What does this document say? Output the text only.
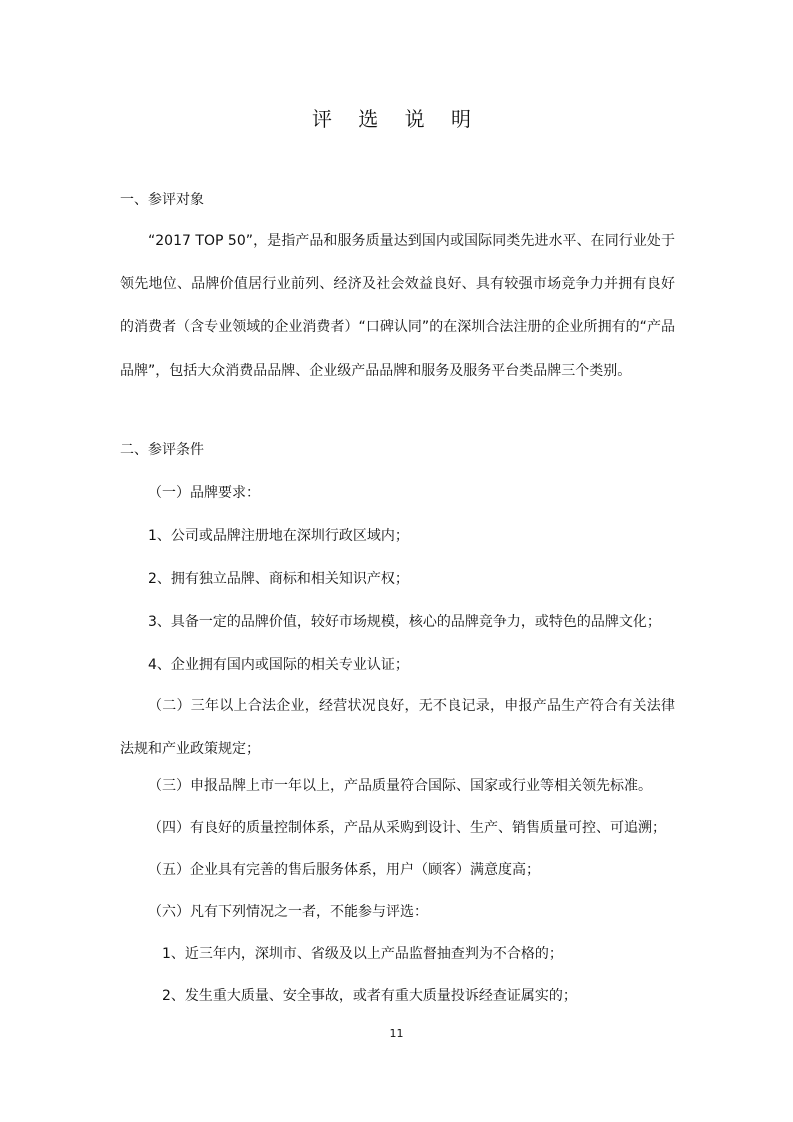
评 选 说 明
一、参评对象
“2017 TOP 50”，是指产品和服务质量达到国内或国际同类先进水平、在同行业处于领先地位、品牌价值居行业前列、经济及社会效益良好、具有较强市场竞争力并拥有良好的消费者（含专业领域的企业消费者）“口碑认同”的在深圳合法注册的企业所拥有的“产品品牌”，包括大众消费品品牌、企业级产品品牌和服务及服务平台类品牌三个类别。
二、参评条件
（一）品牌要求：
1、公司或品牌注册地在深圳行政区域内；
2、拥有独立品牌、商标和相关知识产权；
3、具备一定的品牌价值，较好市场规模，核心的品牌竞争力，或特色的品牌文化；
4、企业拥有国内或国际的相关专业认证；
（二）三年以上合法企业，经营状况良好，无不良记录，申报产品生产符合有关法律法规和产业政策规定；
（三）申报品牌上市一年以上，产品质量符合国际、国家或行业等相关领先标准。
（四）有良好的质量控制体系，产品从采购到设计、生产、销售质量可控、可追溯；
（五）企业具有完善的售后服务体系，用户（顾客）满意度高；
（六）凡有下列情况之一者，不能参与评选：
1、近三年内，深圳市、省级及以上产品监督抽查判为不合格的；
2、发生重大质量、安全事故，或者有重大质量投诉经查证属实的；
11
